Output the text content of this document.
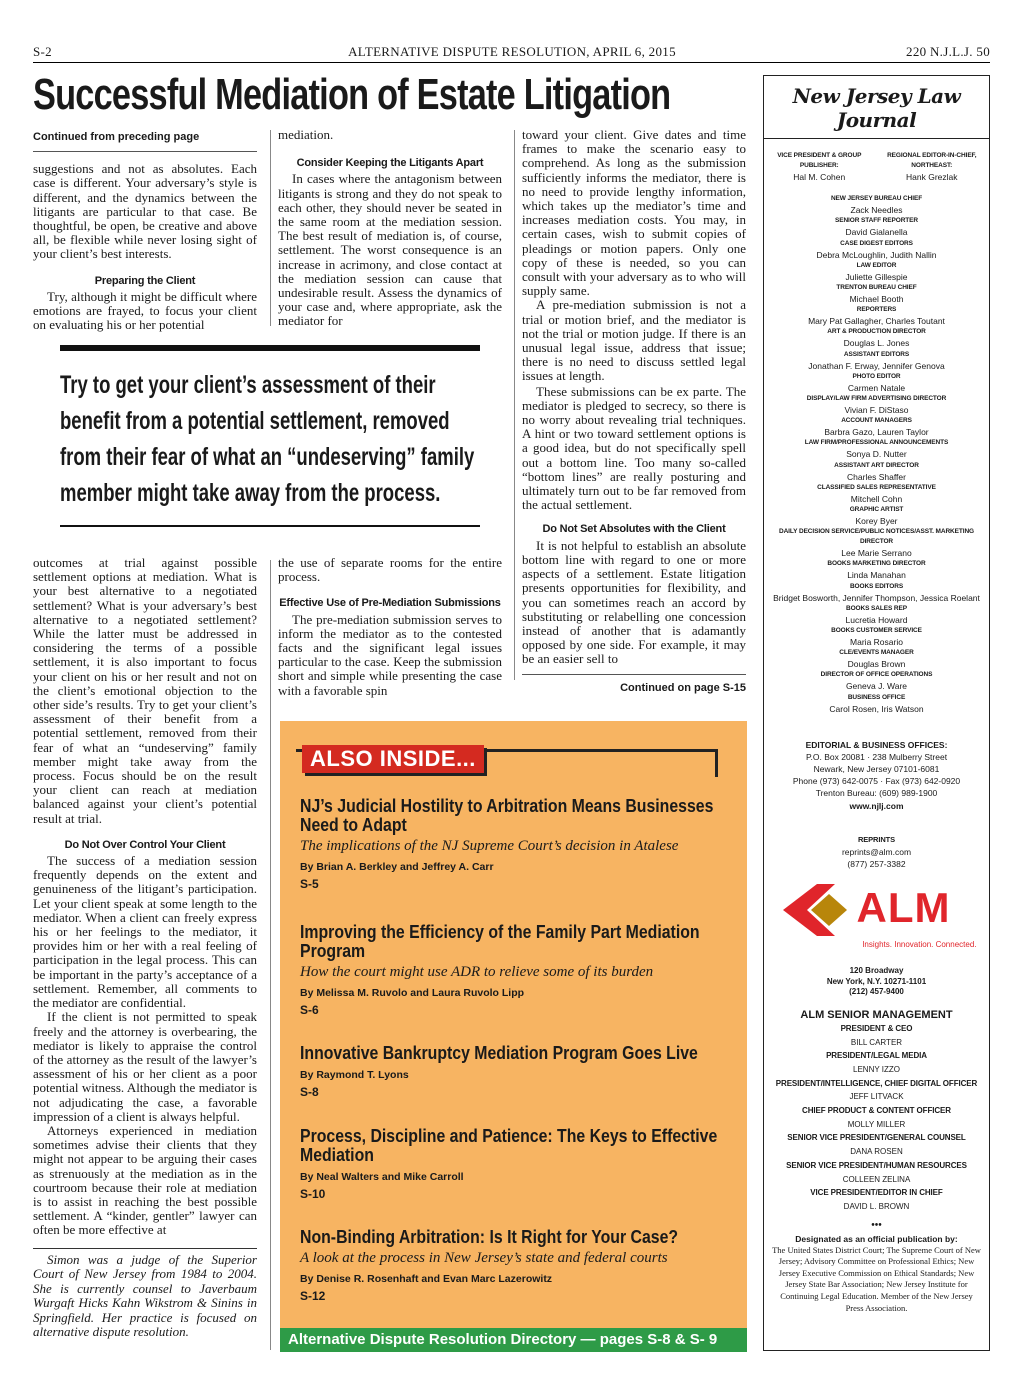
S-2	ALTERNATIVE DISPUTE RESOLUTION, APRIL 6, 2015	220 N.J.L.J. 50
Successful Mediation of Estate Litigation
Continued from preceding page

suggestions and not as absolutes. Each case is different. Your adversary’s style is different, and the dynamics between the litigants are particular to that case. Be thoughtful, be open, be creative and above all, be flexible while never losing sight of your client’s best interests.

Preparing the Client

Try, although it might be difficult where emotions are frayed, to focus your client on evaluating his or her potential

mediation.

Consider Keeping the Litigants Apart

In cases where the antagonism between litigants is strong and they do not speak to each other, they should never be seated in the same room at the mediation session. The best result of mediation is, of course, settlement. The worst consequence is an increase in acrimony, and close contact at the mediation session can cause that undesirable result. Assess the dynamics of your case and, where appropriate, ask the mediator for

toward your client. Give dates and time frames to make the scenario easy to comprehend. As long as the submission sufficiently informs the mediator, there is no need to provide lengthy information, which takes up the mediator’s time and increases mediation costs. You may, in certain cases, wish to submit copies of pleadings or motion papers. Only one copy of these is needed, so you can consult with your adversary as to who will supply same.

A pre-mediation submission is not a trial or motion brief, and the mediator is not the trial or motion judge. If there is an unusual legal issue, address that issue; there is no need to discuss settled legal issues at length.

These submissions can be ex parte. The mediator is pledged to secrecy, so there is no worry about revealing trial techniques. A hint or two toward settlement options is a good idea, but do not specifically spell out a bottom line. Too many so-called “bottom lines” are really posturing and ultimately turn out to be far removed from the actual settlement.

Do Not Set Absolutes with the Client

It is not helpful to establish an absolute bottom line with regard to one or more aspects of a settlement. Estate litigation presents opportunities for flexibility, and you can sometimes reach an accord by substituting or relabelling one concession instead of another that is adamantly opposed by one side. For example, it may be an easier sell to

Continued on page S-15
Try to get your client’s assessment of their benefit from a potential settlement, removed from their fear of what an “undeserving” family member might take away from the process.

outcomes at trial against possible settlement options at mediation. What is your best alternative to a negotiated settlement? What is your adversary’s best alternative to a negotiated settlement? While the latter must be addressed in considering the terms of a possible settlement, it is also important to focus your client on his or her result and not on the client’s emotional objection to the other side’s results. Try to get your client’s assessment of their benefit from a potential settlement, removed from their fear of what an “undeserving” family member might take away from the process. Focus should be on the result your client can reach at mediation balanced against your client’s potential result at trial.

Do Not Over Control Your Client

The success of a mediation session frequently depends on the extent and genuineness of the litigant’s participation. Let your client speak at some length to the mediator. When a client can freely express his or her feelings to the mediator, it provides him or her with a real feeling of participation in the legal process. This can be important in the party’s acceptance of a settlement. Remember, all comments to the mediator are confidential.

If the client is not permitted to speak freely and the attorney is overbearing, the mediator is likely to appraise the control of the attorney as the result of the lawyer’s assessment of his or her client as a poor potential witness. Although the mediator is not adjudicating the case, a favorable impression of a client is always helpful.

Attorneys experienced in mediation sometimes advise their clients that they might not appear to be arguing their cases as strenuously at the mediation as in the courtroom because their role at mediation is to assist in reaching the best possible settlement. A “kinder, gentler” lawyer can often be more effective at

Simon was a judge of the Superior Court of New Jersey from 1984 to 2004. She is currently counsel to Javerbaum Wurgaft Hicks Kahn Wikstrom & Sinins in Springfield. Her practice is focused on alternative dispute resolution.

the use of separate rooms for the entire process.

Effective Use of Pre-Mediation Submissions

The pre-mediation submission serves to inform the mediator as to the contested facts and the significant legal issues particular to the case. Keep the submission short and simple while presenting the case with a favorable spin

ALSO INSIDE...
NJ’s Judicial Hostility to Arbitration Means Businesses Need to Adapt
The implications of the NJ Supreme Court’s decision in Atalese
By Brian A. Berkley and Jeffrey A. Carr
S-5
Improving the Efficiency of the Family Part Mediation Program
How the court might use ADR to relieve some of its burden
By Melissa M. Ruvolo and Laura Ruvolo Lipp
S-6
Innovative Bankruptcy Mediation Program Goes Live
By Raymond T. Lyons
S-8
Process, Discipline and Patience: The Keys to Effective Mediation
By Neal Walters and Mike Carroll
S-10
Non-Binding Arbitration: Is It Right for Your Case?
A look at the process in New Jersey’s state and federal courts
By Denise R. Rosenhaft and Evan Marc Lazerowitz
S-12
Alternative Dispute Resolution Directory — pages S-8 & S- 9
New Jersey Law Journal
VICE PRESIDENT & GROUP PUBLISHER:
Hal M. Cohen
REGIONAL EDITOR-IN-CHIEF, NORTHEAST:
Hank Grezlak
NEW JERSEY BUREAU CHIEF
Zack Needles
SENIOR STAFF REPORTER
David Gialanella
CASE DIGEST EDITORS
Debra McLoughlin, Judith Nallin
LAW EDITOR
Juliette Gillespie
TRENTON BUREAU CHIEF
Michael Booth
REPORTERS
Mary Pat Gallagher, Charles Toutant
ART & PRODUCTION DIRECTOR
Douglas L. Jones
ASSISTANT EDITORS
Jonathan F. Erway, Jennifer Genova
PHOTO EDITOR
Carmen Natale
DISPLAY/LAW FIRM ADVERTISING DIRECTOR
Vivian F. DiStaso
ACCOUNT MANAGERS
Barbra Gazo, Lauren Taylor
LAW FIRM/PROFESSIONAL ANNOUNCEMENTS
Sonya D. Nutter
ASSISTANT ART DIRECTOR
Charles Shaffer
CLASSIFIED SALES REPRESENTATIVE
Mitchell Cohn
GRAPHIC ARTIST
Korey Byer
DAILY DECISION SERVICE/PUBLIC NOTICES/ASST. MARKETING DIRECTOR
Lee Marie Serrano
BOOKS MARKETING DIRECTOR
Linda Manahan
BOOKS EDITORS
Bridget Bosworth, Jennifer Thompson, Jessica Roelant
BOOKS SALES REP
Lucretia Howard
BOOKS CUSTOMER SERVICE
Maria Rosario
CLE/EVENTS MANAGER
Douglas Brown
DIRECTOR OF OFFICE OPERATIONS
Geneva J. Ware
BUSINESS OFFICE
Carol Rosen, Iris Watson
EDITORIAL & BUSINESS OFFICES:
P.O. Box 20081 · 238 Mulberry Street
Newark, New Jersey 07101-6081
Phone (973) 642-0075 · Fax (973) 642-0920
Trenton Bureau: (609) 989-1900
www.njlj.com
REPRINTS
reprints@alm.com
(877) 257-3382
ALM
Insights. Innovation. Connected.
120 Broadway
New York, N.Y. 10271-1101
(212) 457-9400
ALM SENIOR MANAGEMENT
PRESIDENT & CEO
BILL CARTER
PRESIDENT/LEGAL MEDIA
LENNY IZZO
PRESIDENT/INTELLIGENCE, CHIEF DIGITAL OFFICER
JEFF LITVACK
CHIEF PRODUCT & CONTENT OFFICER
MOLLY MILLER
SENIOR VICE PRESIDENT/GENERAL COUNSEL
DANA ROSEN
SENIOR VICE PRESIDENT/HUMAN RESOURCES
COLLEEN ZELINA
VICE PRESIDENT/EDITOR IN CHIEF
DAVID L. BROWN
•••
Designated as an official publication by:
The United States District Court; The Supreme Court of New Jersey; Advisory Committee on Professional Ethics; New Jersey Executive Commission on Ethical Standards; New Jersey State Bar Association; New Jersey Institute for Continuing Legal Education. Member of the New Jersey Press Association.
